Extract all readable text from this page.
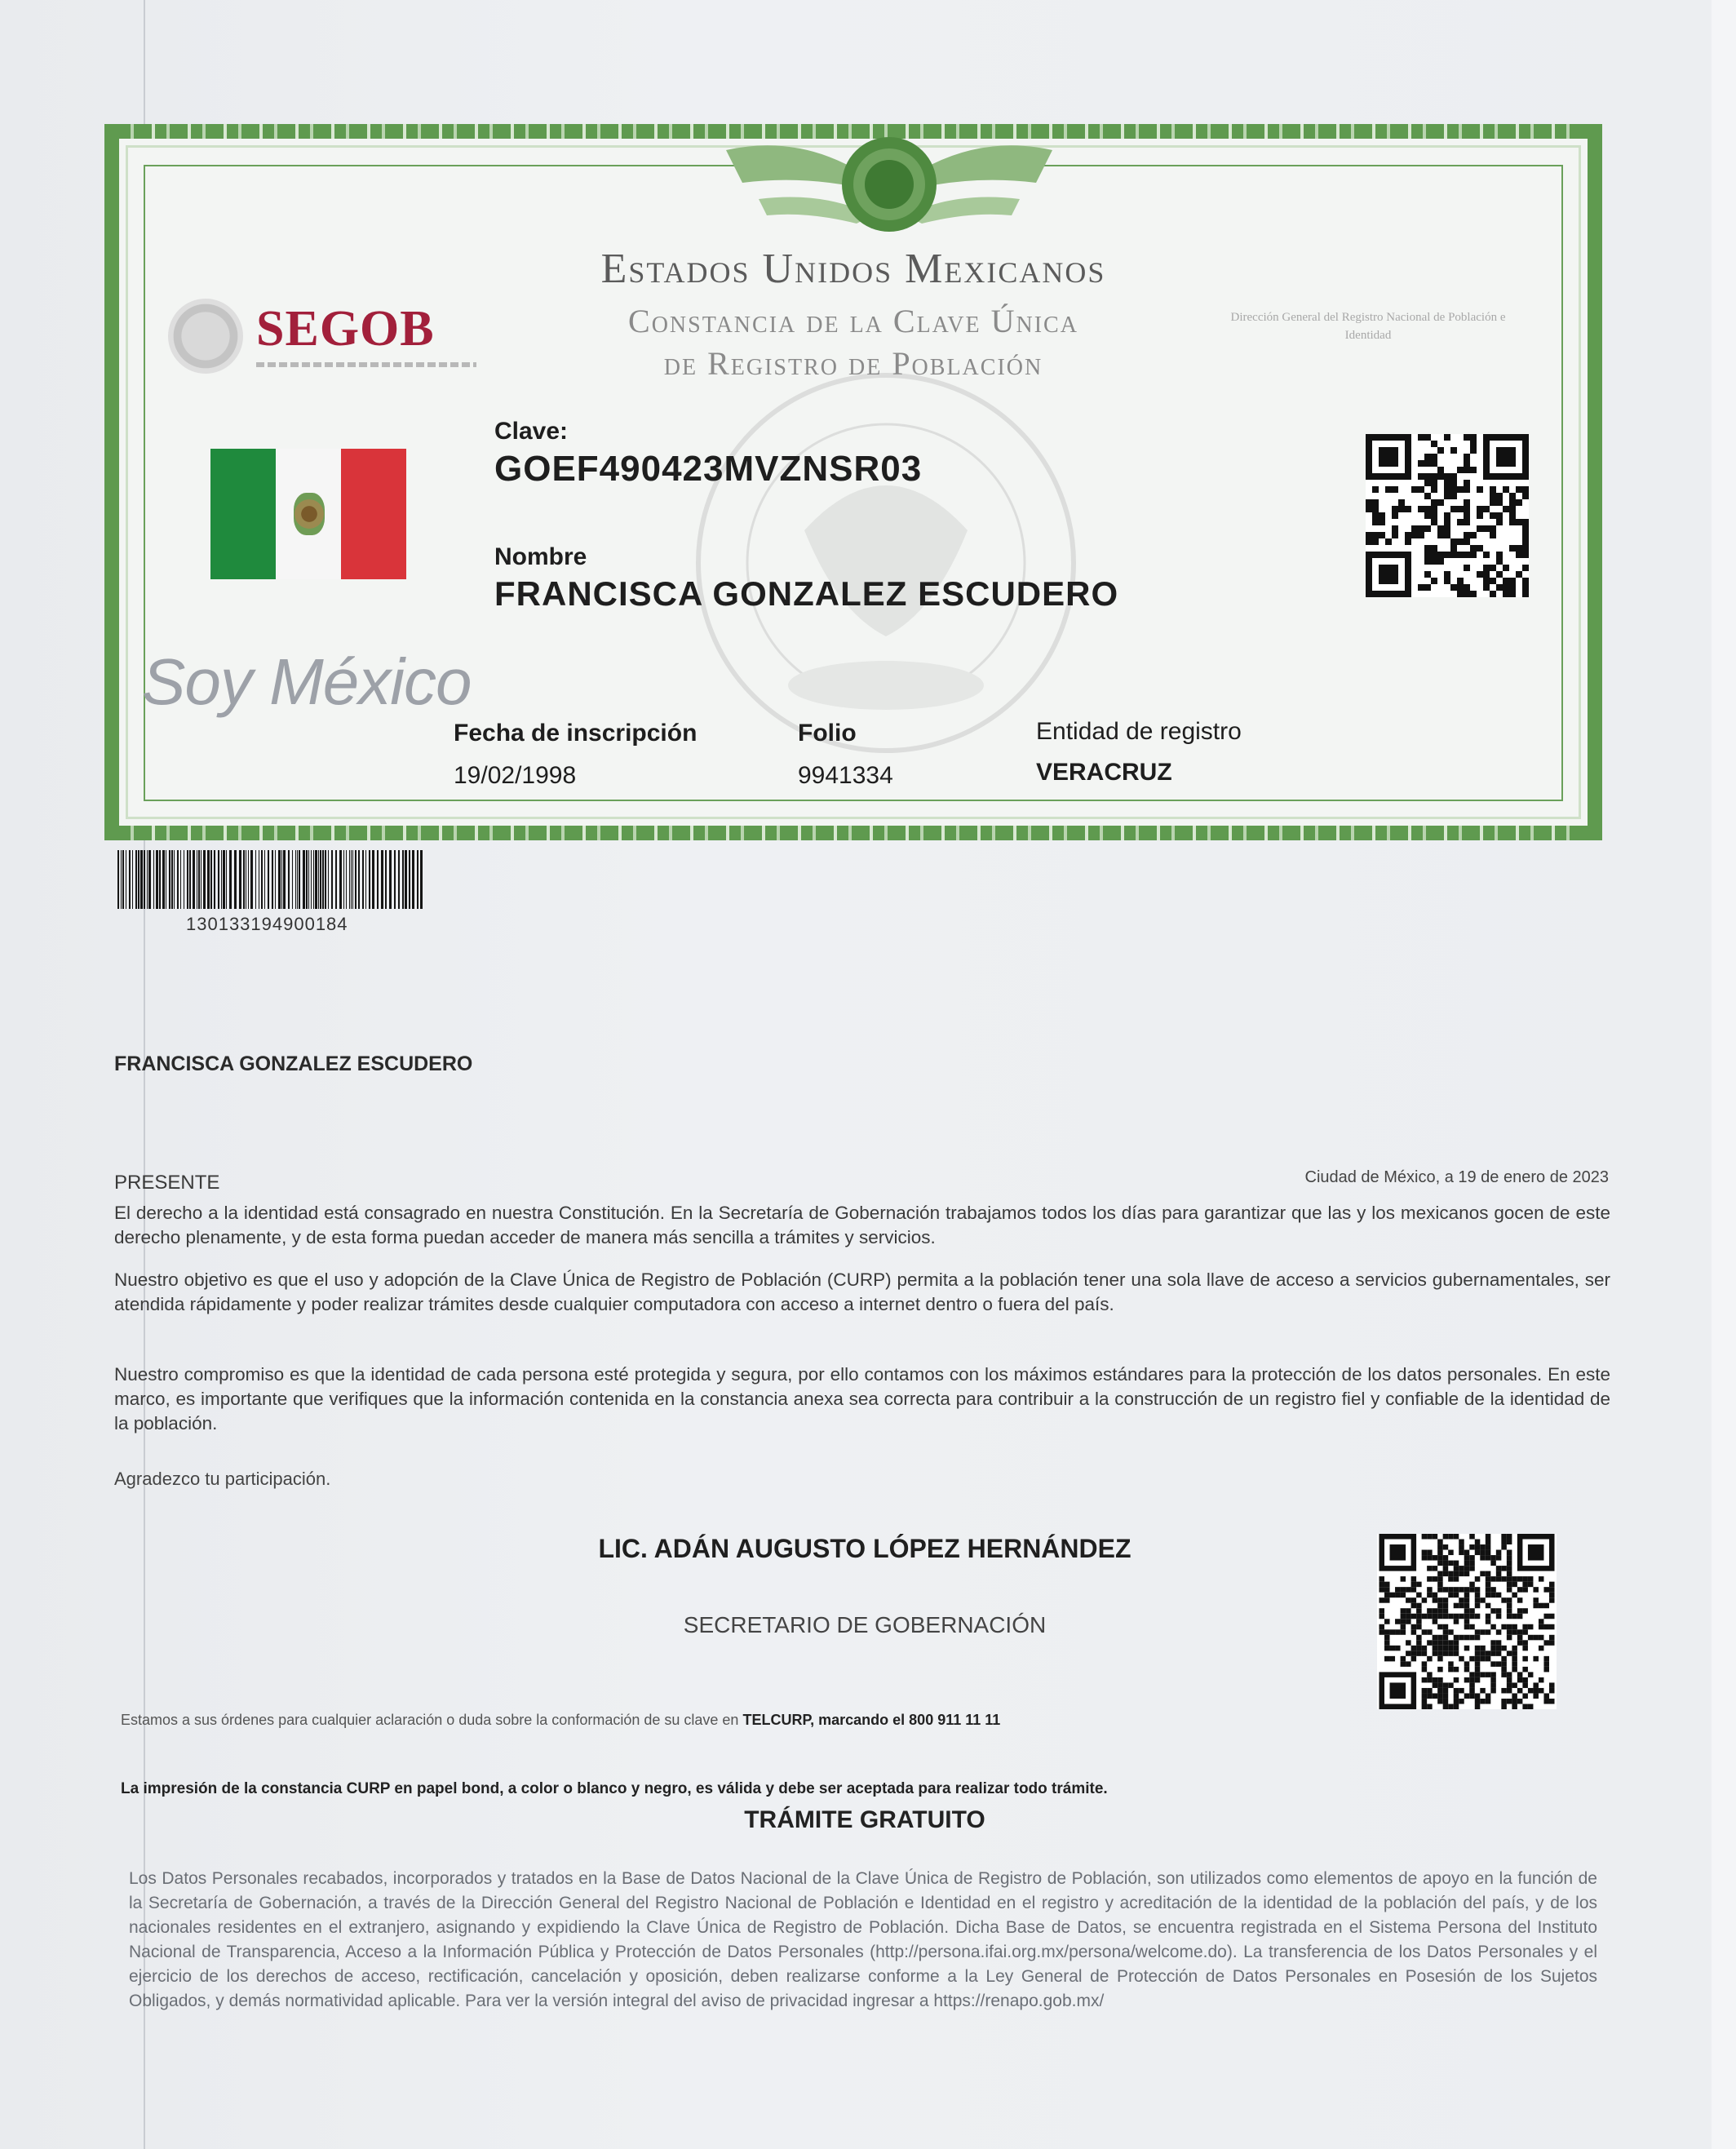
Estados Unidos Mexicanos
Constancia de la Clave Única
de Registro de Población
SEGOB	Dirección General del Registro Nacional de Población e Identidad
Soy México
Clave:
GOEF490423MVZNSR03
Nombre
FRANCISCA GONZALEZ ESCUDERO
Fecha de inscripción
19/02/1998
Folio
9941334
Entidad de registro
VERACRUZ
130133194900184
FRANCISCA GONZALEZ ESCUDERO
PRESENTE	Ciudad de México, a 19 de enero de 2023
El derecho a la identidad está consagrado en nuestra Constitución. En la Secretaría de Gobernación trabajamos todos los días para garantizar que las y los mexicanos gocen de este derecho plenamente, y de esta forma puedan acceder de manera más sencilla a trámites y servicios.
Nuestro objetivo es que el uso y adopción de la Clave Única de Registro de Población (CURP) permita a la población tener una sola llave de acceso a servicios gubernamentales, ser atendida rápidamente y poder realizar trámites desde cualquier computadora con acceso a internet dentro o fuera del país.
Nuestro compromiso es que la identidad de cada persona esté protegida y segura, por ello contamos con los máximos estándares para la protección de los datos personales. En este marco, es importante que verifiques que la información contenida en la constancia anexa sea correcta para contribuir a la construcción de un registro fiel y confiable de la identidad de la población.
Agradezco tu participación.
LIC. ADÁN AUGUSTO LÓPEZ HERNÁNDEZ
SECRETARIO DE GOBERNACIÓN
Estamos a sus órdenes para cualquier aclaración o duda sobre la conformación de su clave en TELCURP, marcando el 800 911 11 11
La impresión de la constancia CURP en papel bond, a color o blanco y negro, es válida y debe ser aceptada para realizar todo trámite.
TRÁMITE GRATUITO
Los Datos Personales recabados, incorporados y tratados en la Base de Datos Nacional de la Clave Única de Registro de Población, son utilizados como elementos de apoyo en la función de la Secretaría de Gobernación, a través de la Dirección General del Registro Nacional de Población e Identidad en el registro y acreditación de la identidad de la población del país, y de los nacionales residentes en el extranjero, asignando y expidiendo la Clave Única de Registro de Población. Dicha Base de Datos, se encuentra registrada en el Sistema Persona del Instituto Nacional de Transparencia, Acceso a la Información Pública y Protección de Datos Personales (http://persona.ifai.org.mx/persona/welcome.do). La transferencia de los Datos Personales y el ejercicio de los derechos de acceso, rectificación, cancelación y oposición, deben realizarse conforme a la Ley General de Protección de Datos Personales en Posesión de los Sujetos Obligados, y demás normatividad aplicable. Para ver la versión integral del aviso de privacidad ingresar a https://renapo.gob.mx/
